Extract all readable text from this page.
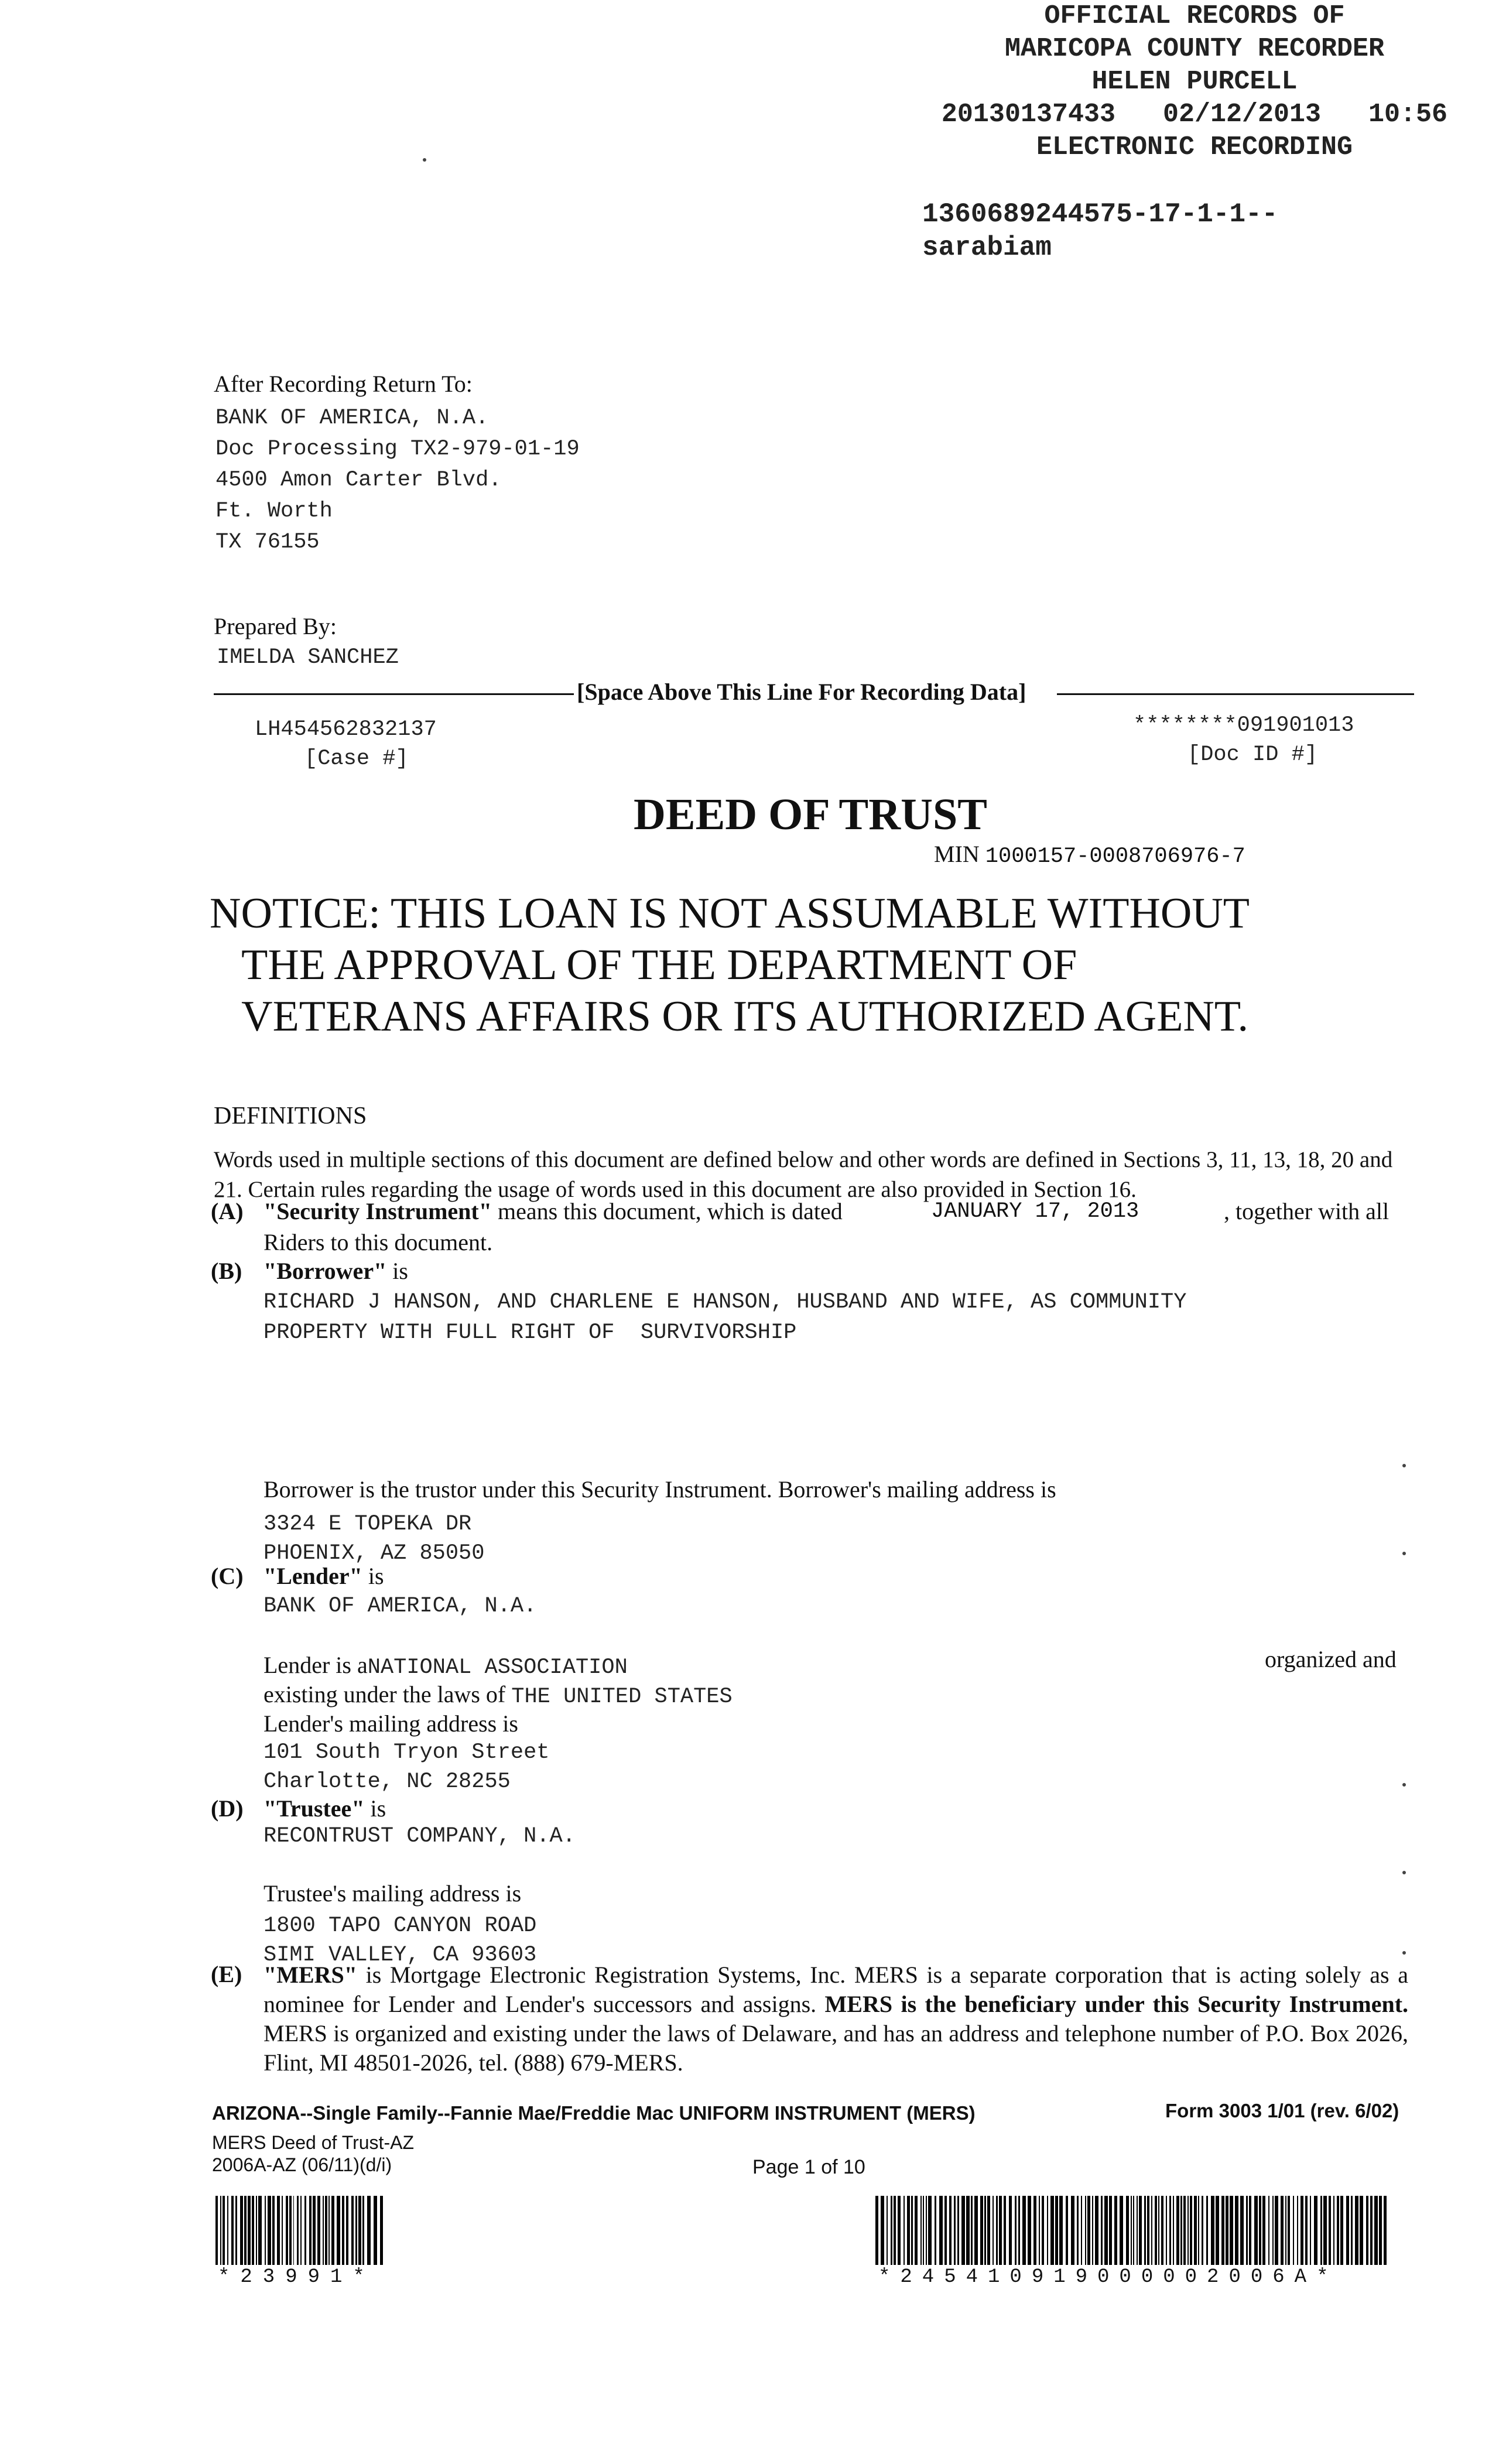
OFFICIAL RECORDS OF
MARICOPA COUNTY RECORDER
HELEN PURCELL
20130137433   02/12/2013   10:56
ELECTRONIC RECORDING
1360689244575-17-1-1--
sarabiam
After Recording Return To:
BANK OF AMERICA, N.A.
Doc Processing TX2-979-01-19
4500 Amon Carter Blvd.
Ft. Worth
TX 76155
Prepared By:
IMELDA SANCHEZ
[Space Above This Line For Recording Data]
LH454562832137
[Case #]
********091901013
[Doc ID #]
DEED OF TRUST
MIN 1000157-0008706976-7
NOTICE: THIS LOAN IS NOT ASSUMABLE WITHOUT
THE APPROVAL OF THE DEPARTMENT OF
VETERANS AFFAIRS OR ITS AUTHORIZED AGENT.
DEFINITIONS
Words used in multiple sections of this document are defined below and other words are defined in Sections 3, 11, 13, 18, 20 and 21. Certain rules regarding the usage of words used in this document are also provided in Section 16.
(A) "Security Instrument" means this document, which is dated	JANUARY 17, 2013	, together with all
Riders to this document.
(B) "Borrower" is
RICHARD J HANSON, AND CHARLENE E HANSON, HUSBAND AND WIFE, AS COMMUNITY
PROPERTY WITH FULL RIGHT OF  SURVIVORSHIP
Borrower is the trustor under this Security Instrument. Borrower's mailing address is
3324 E TOPEKA DR
PHOENIX, AZ 85050
(C) "Lender" is
BANK OF AMERICA, N.A.
Lender is aNATIONAL ASSOCIATION	organized and
existing under the laws of THE UNITED STATES
Lender's mailing address is
101 South Tryon Street
Charlotte, NC 28255
(D) "Trustee" is
RECONTRUST COMPANY, N.A.
Trustee's mailing address is
1800 TAPO CANYON ROAD
SIMI VALLEY, CA 93603
(E) "MERS" is Mortgage Electronic Registration Systems, Inc. MERS is a separate corporation that is acting solely as a nominee for Lender and Lender's successors and assigns. MERS is the beneficiary under this Security Instrument. MERS is organized and existing under the laws of Delaware, and has an address and telephone number of P.O. Box 2026, Flint, MI 48501-2026, tel. (888) 679-MERS.
ARIZONA--Single Family--Fannie Mae/Freddie Mac UNIFORM INSTRUMENT (MERS)	Form 3003 1/01 (rev. 6/02)
MERS Deed of Trust-AZ
2006A-AZ (06/11)(d/i)	Page 1 of 10
*23991*	*245410919000002006A*
